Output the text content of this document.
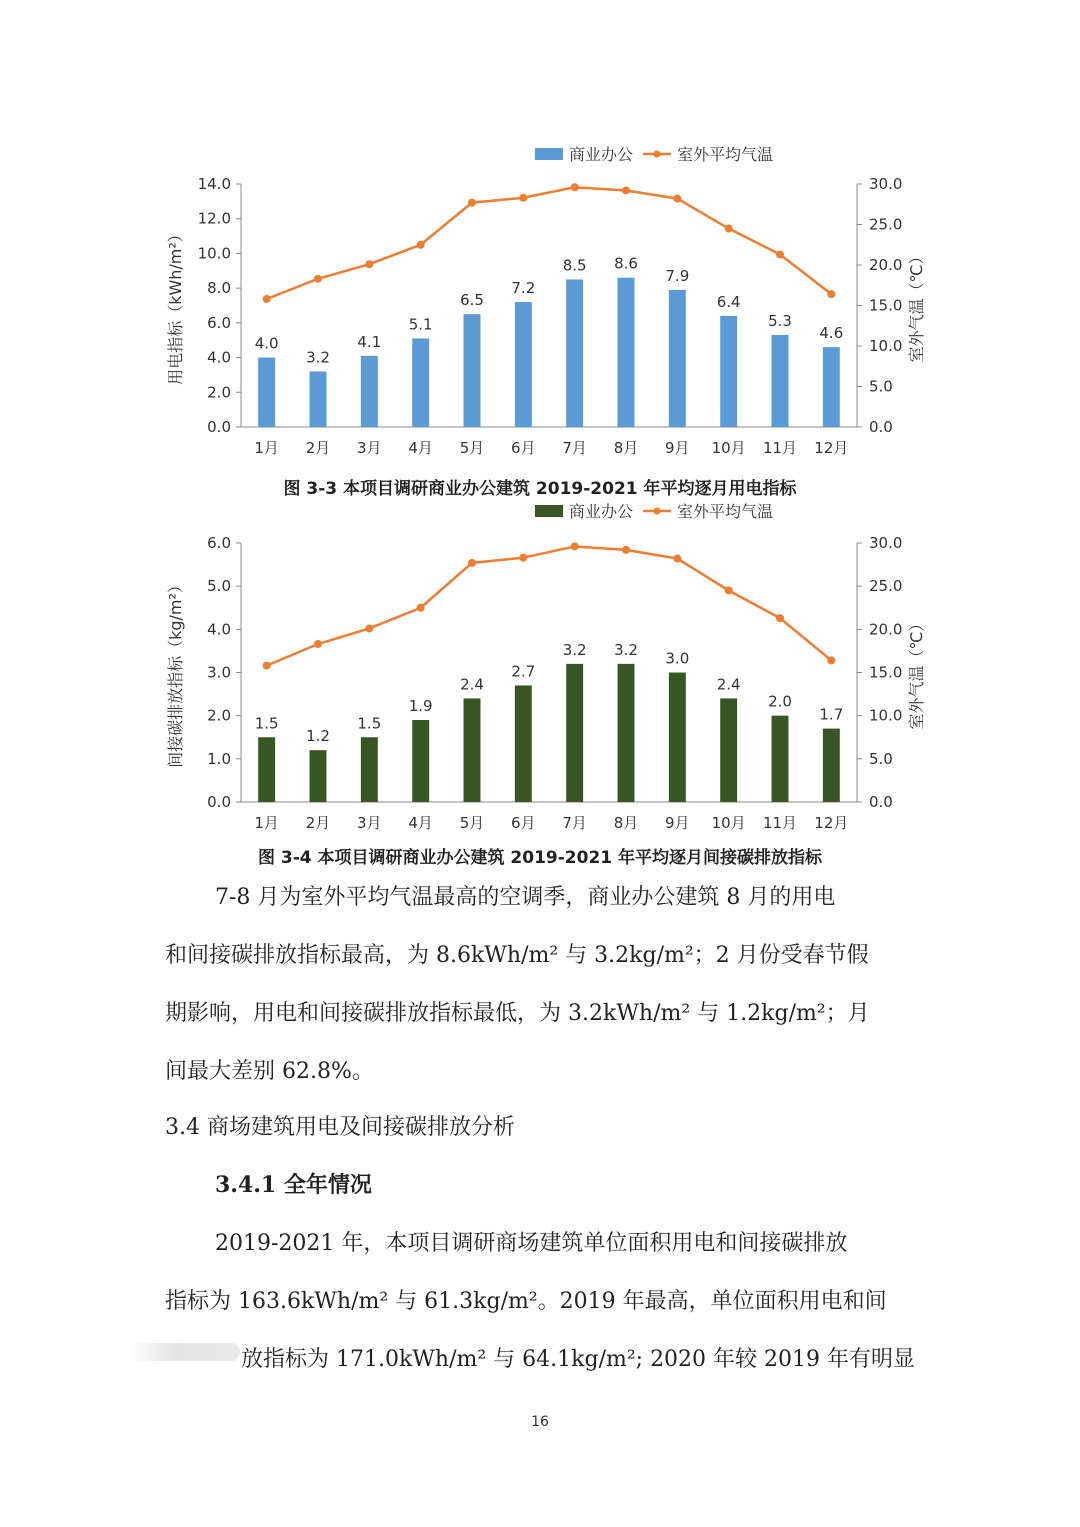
商业办公	室外平均气温
0.0
2.0
4.0
6.0
8.0
10.0
12.0
14.0
0.0
5.0
10.0
15.0
20.0
25.0
30.0
用电指标（kWh/m²）	室外气温（℃）
4.0
1月
3.2
2月
4.1
3月
5.1
4月
6.5
5月
7.2
6月
8.5
7月
8.6
8月
7.9
9月
6.4
10月
5.3
11月
4.6
12月
图 3-3 本项目调研商业办公建筑 2019-2021 年平均逐月用电指标
商业办公	室外平均气温
0.0
1.0
2.0
3.0
4.0
5.0
6.0
0.0
5.0
10.0
15.0
20.0
25.0
30.0
间接碳排放指标（kg/m²）	室外气温（℃）
1.5
1月
1.2
2月
1.5
3月
1.9
4月
2.4
5月
2.7
6月
3.2
7月
3.2
8月
3.0
9月
2.4
10月
2.0
11月
1.7
12月
图 3-4 本项目调研商业办公建筑 2019-2021 年平均逐月间接碳排放指标
7-8 月为室外平均气温最高的空调季，商业办公建筑 8 月的用电
和间接碳排放指标最高，为 8.6kWh/m² 与 3.2kg/m²；2 月份受春节假
期影响，用电和间接碳排放指标最低，为 3.2kWh/m² 与 1.2kg/m²；月
间最大差别 62.8%。
3.4 商场建筑用电及间接碳排放分析
3.4.1 全年情况
2019-2021 年，本项目调研商场建筑单位面积用电和间接碳排放
指标为 163.6kWh/m² 与 61.3kg/m²。2019 年最高，单位面积用电和间
放指标为 171.0kWh/m² 与 64.1kg/m²; 2020 年较 2019 年有明显
16
